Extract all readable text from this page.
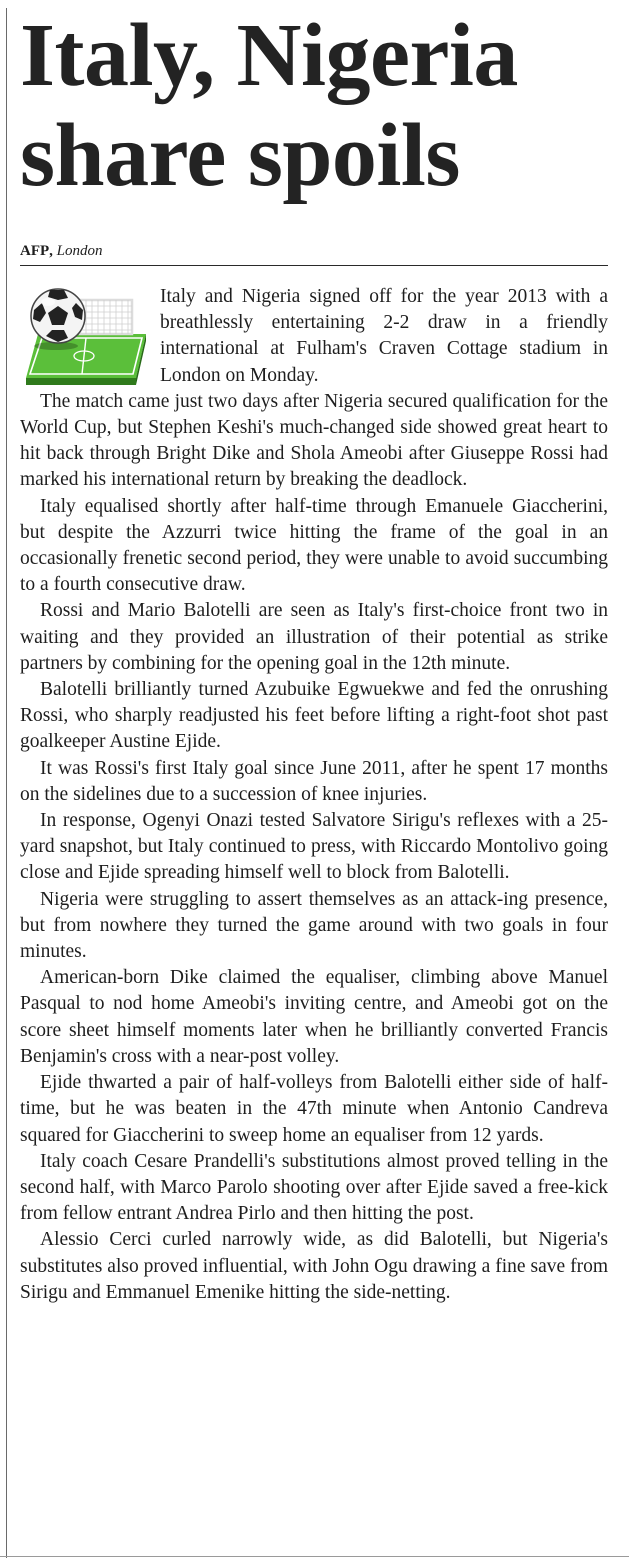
Italy, Nigeria share spoils
AFP, London

Italy and Nigeria signed off for the year 2013 with a breathlessly entertaining 2-2 draw in a friendly international at Fulham's Craven Cottage stadium in London on Monday.

The match came just two days after Nigeria secured qualification for the World Cup, but Stephen Keshi's much-changed side showed great heart to hit back through Bright Dike and Shola Ameobi after Giuseppe Rossi had marked his international return by breaking the deadlock.

Italy equalised shortly after half-time through Emanuele Giaccherini, but despite the Azzurri twice hitting the frame of the goal in an occasionally frenetic second period, they were unable to avoid succumbing to a fourth consecutive draw.

Rossi and Mario Balotelli are seen as Italy's first-choice front two in waiting and they provided an illustration of their potential as strike partners by combining for the opening goal in the 12th minute.

Balotelli brilliantly turned Azubuike Egwuekwe and fed the onrushing Rossi, who sharply readjusted his feet before lifting a right-foot shot past goalkeeper Austine Ejide.

It was Rossi's first Italy goal since June 2011, after he spent 17 months on the sidelines due to a succession of knee injuries.

In response, Ogenyi Onazi tested Salvatore Sirigu's reflexes with a 25-yard snapshot, but Italy continued to press, with Riccardo Montolivo going close and Ejide spreading himself well to block from Balotelli.

Nigeria were struggling to assert themselves as an attack-ing presence, but from nowhere they turned the game around with two goals in four minutes.

American-born Dike claimed the equaliser, climbing above Manuel Pasqual to nod home Ameobi's inviting centre, and Ameobi got on the score sheet himself moments later when he brilliantly converted Francis Benjamin's cross with a near-post volley.

Ejide thwarted a pair of half-volleys from Balotelli either side of half-time, but he was beaten in the 47th minute when Antonio Candreva squared for Giaccherini to sweep home an equaliser from 12 yards.

Italy coach Cesare Prandelli's substitutions almost proved telling in the second half, with Marco Parolo shooting over after Ejide saved a free-kick from fellow entrant Andrea Pirlo and then hitting the post.

Alessio Cerci curled narrowly wide, as did Balotelli, but Nigeria's substitutes also proved influential, with John Ogu drawing a fine save from Sirigu and Emmanuel Emenike hitting the side-netting.
